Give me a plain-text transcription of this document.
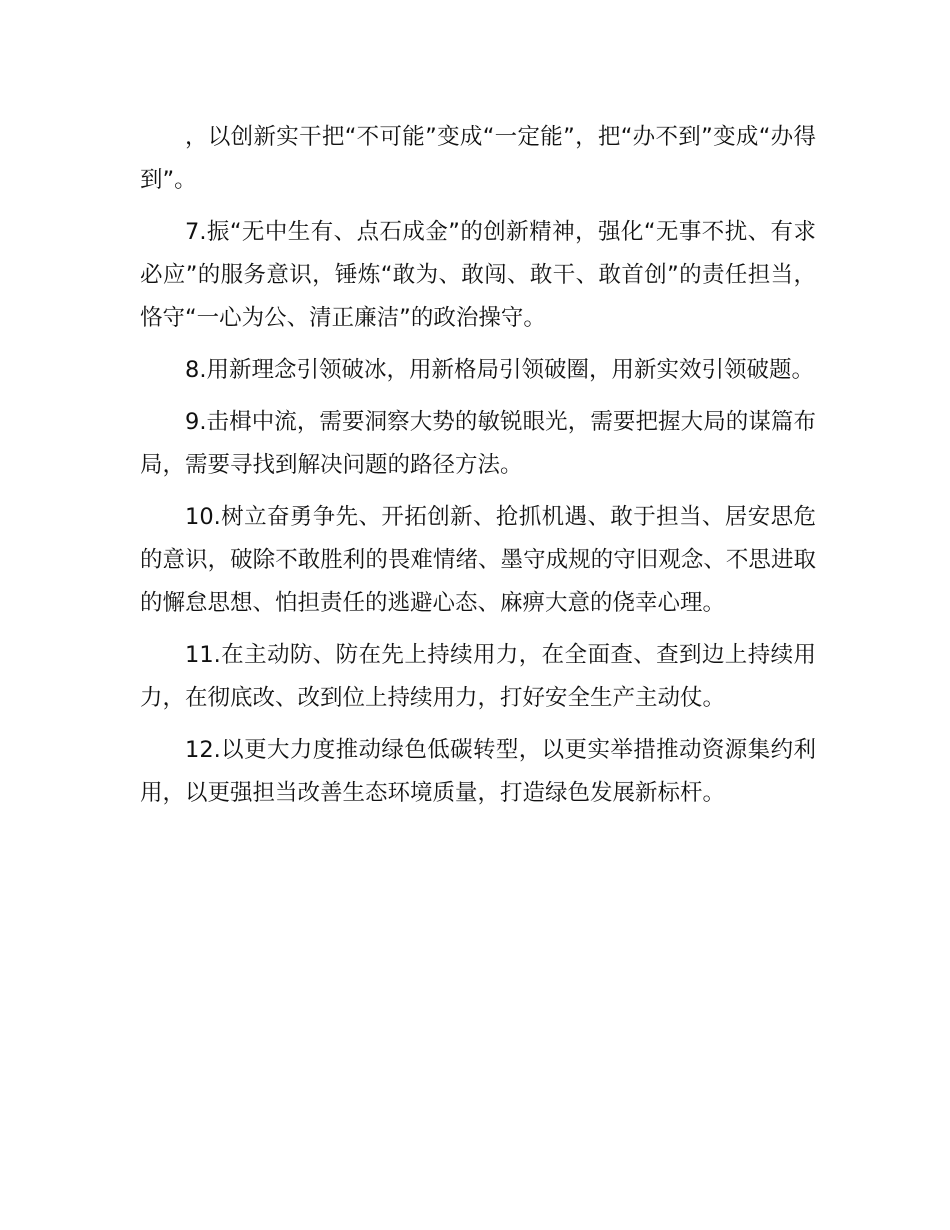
，以创新实干把“不可能”变成“一定能”，把“办不到”变成“办得到”。

7.振“无中生有、点石成金”的创新精神，强化“无事不扰、有求必应”的服务意识，锤炼“敢为、敢闯、敢干、敢首创”的责任担当，恪守“一心为公、清正廉洁”的政治操守。

8.用新理念引领破冰，用新格局引领破圈，用新实效引领破题。

9.击楫中流，需要洞察大势的敏锐眼光，需要把握大局的谋篇布局，需要寻找到解决问题的路径方法。

10.树立奋勇争先、开拓创新、抢抓机遇、敢于担当、居安思危的意识，破除不敢胜利的畏难情绪、墨守成规的守旧观念、不思进取的懈怠思想、怕担责任的逃避心态、麻痹大意的侥幸心理。

11.在主动防、防在先上持续用力，在全面查、查到边上持续用力，在彻底改、改到位上持续用力，打好安全生产主动仗。

12.以更大力度推动绿色低碳转型，以更实举措推动资源集约利用，以更强担当改善生态环境质量，打造绿色发展新标杆。
